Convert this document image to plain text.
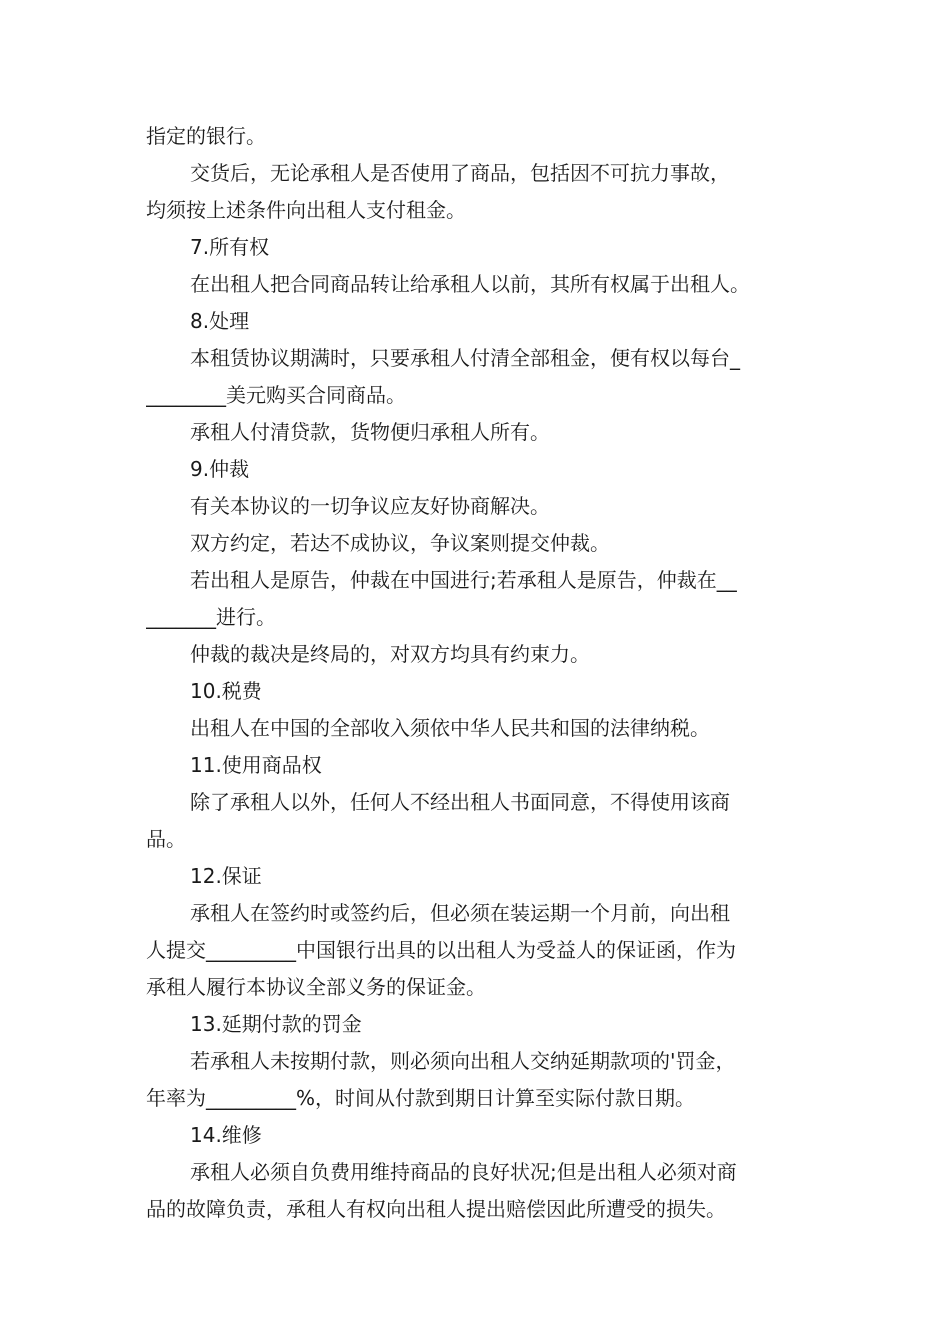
指定的银行。
交货后，无论承租人是否使用了商品，包括因不可抗力事故，
均须按上述条件向出租人支付租金。
7.所有权
在出租人把合同商品转让给承租人以前，其所有权属于出租人。
8.处理
本租赁协议期满时，只要承租人付清全部租金，便有权以每台_
________美元购买合同商品。
承租人付清贷款，货物便归承租人所有。
9.仲裁
有关本协议的一切争议应友好协商解决。
双方约定，若达不成协议，争议案则提交仲裁。
若出租人是原告，仲裁在中国进行;若承租人是原告，仲裁在__
_______进行。
仲裁的裁决是终局的，对双方均具有约束力。
10.税费
出租人在中国的全部收入须依中华人民共和国的法律纳税。
11.使用商品权
除了承租人以外，任何人不经出租人书面同意，不得使用该商
品。
12.保证
承租人在签约时或签约后，但必须在装运期一个月前，向出租
人提交_________中国银行出具的以出租人为受益人的保证函，作为
承租人履行本协议全部义务的保证金。
13.延期付款的罚金
若承租人未按期付款，则必须向出租人交纳延期款项的'罚金，
年率为_________%，时间从付款到期日计算至实际付款日期。
14.维修
承租人必须自负费用维持商品的良好状况;但是出租人必须对商
品的故障负责，承租人有权向出租人提出赔偿因此所遭受的损失。
